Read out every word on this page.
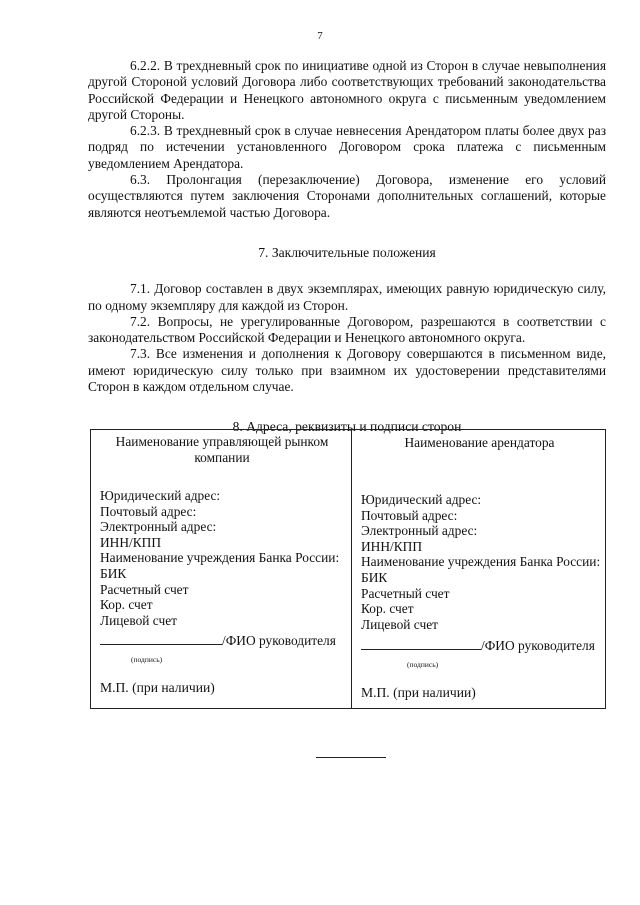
7

6.2.2. В трехдневный срок по инициативе одной из Сторон в случае невыполнения другой Стороной условий Договора либо соответствующих требований законодательства Российской Федерации и Ненецкого автономного округа с письменным уведомлением другой Стороны.

6.2.3. В трехдневный срок в случае невнесения Арендатором платы более двух раз подряд по истечении установленного Договором срока платежа с письменным уведомлением Арендатора.

6.3. Пролонгация (перезаключение) Договора, изменение его условий осуществляются путем заключения Сторонами дополнительных соглашений, которые являются неотъемлемой частью Договора.

7. Заключительные положения

7.1. Договор составлен в двух экземплярах, имеющих равную юридическую силу, по одному экземпляру для каждой из Сторон.

7.2. Вопросы, не урегулированные Договором, разрешаются в соответствии с законодательством Российской Федерации и Ненецкого автономного округа.

7.3. Все изменения и дополнения к Договору совершаются в письменном виде, имеют юридическую силу только при взаимном их удостоверении представителями Сторон в каждом отдельном случае.

8. Адреса, реквизиты и подписи сторон
Наименование управляющей рынком компании
Юридический адрес:
Почтовый адрес:
Электронный адрес:
ИНН/КПП
Наименование учреждения Банка России:
БИК
Расчетный счет
Кор. счет
Лицевой счет
/ФИО руководителя
(подпись)
М.П. (при наличии)
Наименование арендатора
Юридический адрес:
Почтовый адрес:
Электронный адрес:
ИНН/КПП
Наименование учреждения Банка России:
БИК
Расчетный счет
Кор. счет
Лицевой счет
/ФИО руководителя
(подпись)
М.П. (при наличии)
